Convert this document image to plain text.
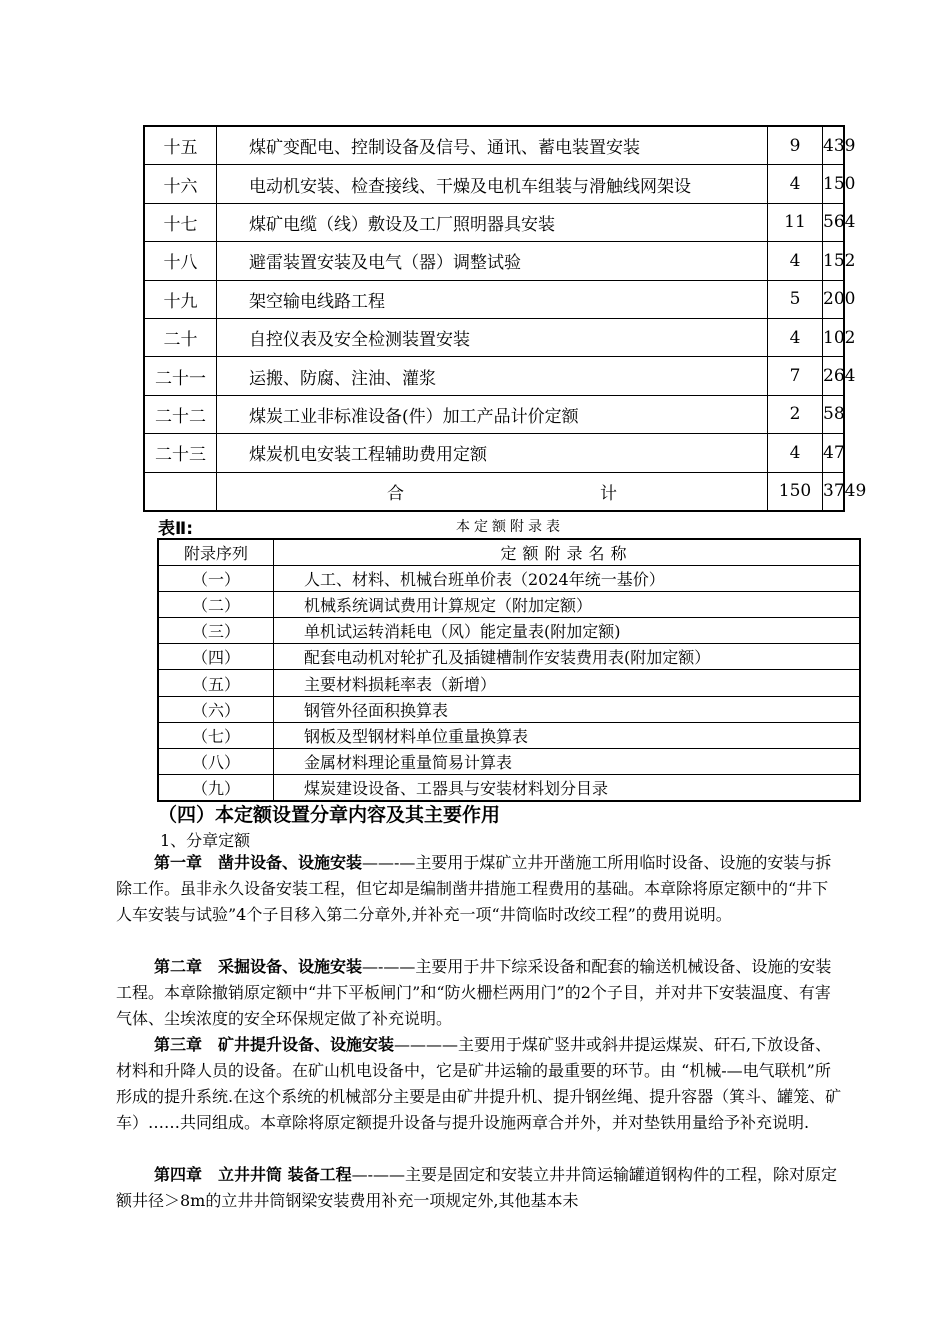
十五	煤矿变配电、控制设备及信号、通讯、蓄电装置安装	9	439
十六	电动机安装、检查接线、干燥及电机车组装与滑触线网架设	4	150
十七	煤矿电缆（线）敷设及工厂照明器具安装	11	564
十八	避雷装置安装及电气（器）调整试验	4	152
十九	架空输电线路工程	5	200
二十	自控仪表及安全检测装置安装	4	102
二十一	运搬、防腐、注油、灌浆	7	264
二十二	煤炭工业非标准设备(件）加工产品计价定额	2	58
二十三	煤炭机电安装工程辅助费用定额	4	47

	合 计	150	3749
表Ⅱ:	本定额附录表
附录序列	定额附录名称
（一）	人工、材料、机械台班单价表（2024年统一基价）
（二）	机械系统调试费用计算规定（附加定额）
（三）	单机试运转消耗电（风）能定量表(附加定额)
（四）	配套电动机对轮扩孔及插键槽制作安装费用表(附加定额）
（五）	主要材料损耗率表（新增）
（六）	钢管外径面积换算表
（七）	钢板及型钢材料单位重量换算表
（八）	金属材料理论重量简易计算表
（九）	煤炭建设设备、工器具与安装材料划分目录
（四）本定额设置分章内容及其主要作用
1、分章定额
第一章　凿井设备、设施安装——-—主要用于煤矿立井开凿施工所用临时设备、设施的安装与拆除工作。虽非永久设备安装工程，但它却是编制凿井措施工程费用的基础。本章除将原定额中的“井下人车安装与试验”4个子目移入第二分章外,并补充一项“井筒临时改绞工程”的费用说明。
第二章　采掘设备、设施安装—-——主要用于井下综采设备和配套的输送机械设备、设施的安装工程。本章除撤销原定额中“井下平板闸门”和“防火栅栏两用门”的2个子目，并对井下安装温度、有害气体、尘埃浓度的安全环保规定做了补充说明。
第三章　矿井提升设备、设施安装————主要用于煤矿竖井或斜井提运煤炭、矸石,下放设备、材料和升降人员的设备。在矿山机电设备中，它是矿井运输的最重要的环节。由 “机械-—电气联机”所形成的提升系统.在这个系统的机械部分主要是由矿井提升机、提升钢丝绳、提升容器（箕斗、罐笼、矿车）……共同组成。本章除将原定额提升设备与提升设施两章合并外，并对垫铁用量给予补充说明.
第四章　立井井筒 装备工程—-——主要是固定和安装立井井筒运输罐道钢构件的工程，除对原定额井径＞8m的立井井筒钢梁安装费用补充一项规定外,其他基本未
